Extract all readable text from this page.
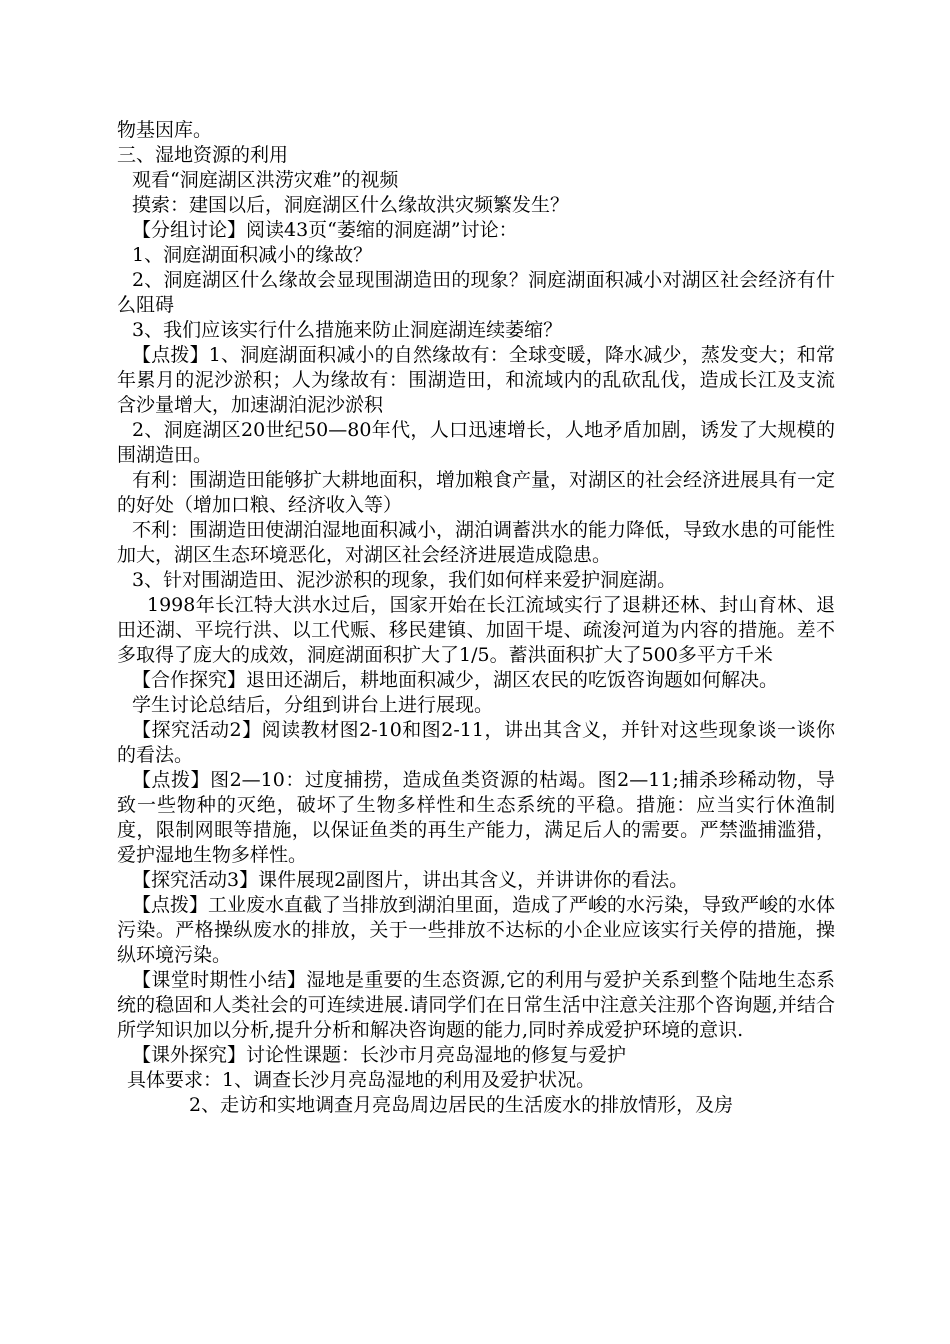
物基因库。

三、湿地资源的利用

观看“洞庭湖区洪涝灾难”的视频

摸索：建国以后，洞庭湖区什么缘故洪灾频繁发生？

【分组讨论】阅读43页“萎缩的洞庭湖”讨论：

1、洞庭湖面积减小的缘故？

2、洞庭湖区什么缘故会显现围湖造田的现象？洞庭湖面积减小对湖区社会经济有什么阻碍

3、我们应该实行什么措施来防止洞庭湖连续萎缩？

【点拨】1、洞庭湖面积减小的自然缘故有：全球变暖，降水减少，蒸发变大；和常年累月的泥沙淤积；人为缘故有：围湖造田，和流域内的乱砍乱伐，造成长江及支流含沙量增大，加速湖泊泥沙淤积

2、洞庭湖区20世纪50—80年代，人口迅速增长，人地矛盾加剧，诱发了大规模的围湖造田。

有利：围湖造田能够扩大耕地面积，增加粮食产量，对湖区的社会经济进展具有一定的好处（增加口粮、经济收入等）

不利：围湖造田使湖泊湿地面积减小，湖泊调蓄洪水的能力降低，导致水患的可能性加大，湖区生态环境恶化，对湖区社会经济进展造成隐患。

3、针对围湖造田、泥沙淤积的现象，我们如何样来爱护洞庭湖。

1998年长江特大洪水过后，国家开始在长江流域实行了退耕还林、封山育林、退田还湖、平垸行洪、以工代赈、移民建镇、加固干堤、疏浚河道为内容的措施。差不多取得了庞大的成效，洞庭湖面积扩大了1/5。蓄洪面积扩大了500多平方千米

【合作探究】退田还湖后，耕地面积减少，湖区农民的吃饭咨询题如何解决。

学生讨论总结后，分组到讲台上进行展现。

【探究活动2】阅读教材图2-10和图2-11，讲出其含义，并针对这些现象谈一谈你的看法。

【点拨】图2—10：过度捕捞，造成鱼类资源的枯竭。图2—11;捕杀珍稀动物，导致一些物种的灭绝，破坏了生物多样性和生态系统的平稳。措施：应当实行休渔制度，限制网眼等措施，以保证鱼类的再生产能力，满足后人的需要。严禁滥捕滥猎，爱护湿地生物多样性。

【探究活动3】课件展现2副图片，讲出其含义，并讲讲你的看法。

【点拨】工业废水直截了当排放到湖泊里面，造成了严峻的水污染，导致严峻的水体污染。严格操纵废水的排放，关于一些排放不达标的小企业应该实行关停的措施，操纵环境污染。

【课堂时期性小结】湿地是重要的生态资源,它的利用与爱护关系到整个陆地生态系统的稳固和人类社会的可连续进展.请同学们在日常生活中注意关注那个咨询题,并结合所学知识加以分析,提升分析和解决咨询题的能力,同时养成爱护环境的意识.

【课外探究】讨论性课题：长沙市月亮岛湿地的修复与爱护

具体要求：1、调查长沙月亮岛湿地的利用及爱护状况。

2、走访和实地调查月亮岛周边居民的生活废水的排放情形，及房
